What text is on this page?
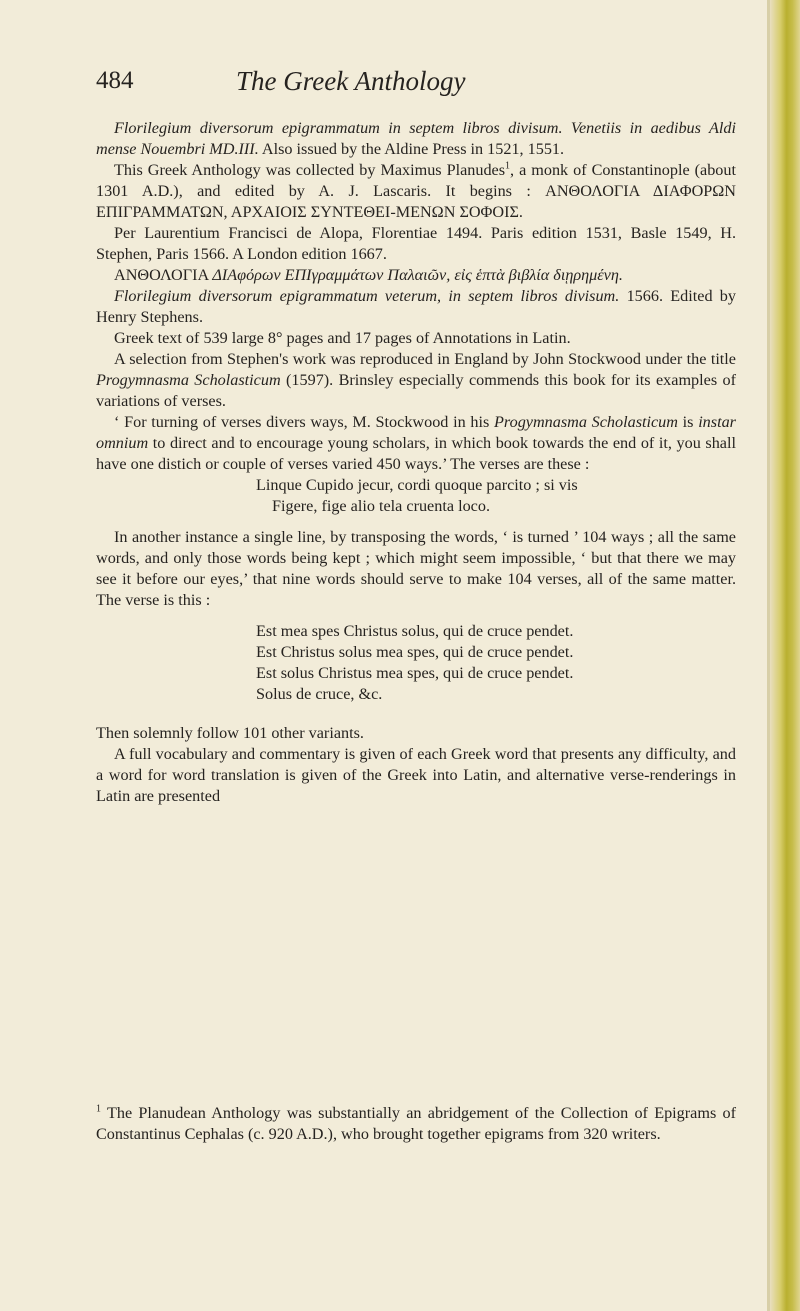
484	The Greek Anthology

Florilegium diversorum epigrammatum in septem libros divisum. Venetiis in aedibus Aldi mense Nouembri MD.III. Also issued by the Aldine Press in 1521, 1551.

This Greek Anthology was collected by Maximus Planudes$^1$, a monk of Constantinople (about 1301 A.D.), and edited by A. J. Lascaris. It begins : ΑΝΘΟΛΟΓΙΑ ΔΙΑΦΟΡΩΝ ΕΠΙΓΡΑΜΜΑΤΩΝ, ΑΡΧΑΙΟΙΣ ΣΥΝΤΕΘΕΙ-ΜΕΝΩΝ ΣΟΦΟΙΣ.

Per Laurentium Francisci de Alopa, Florentiae 1494. Paris edition 1531, Basle 1549, H. Stephen, Paris 1566. A London edition 1667.

ΑΝΘΟΛΟΓΙΑ ΔΙΑφόρων ΕΠΙγραμμάτων Παλαιῶν, εἰς ἑπτὰ βιβλία διῃρημένη.

Florilegium diversorum epigrammatum veterum, in septem libros divisum. 1566. Edited by Henry Stephens.

Greek text of 539 large 8° pages and 17 pages of Annotations in Latin.

A selection from Stephen's work was reproduced in England by John Stockwood under the title Progymnasma Scholasticum (1597). Brinsley especially commends this book for its examples of variations of verses.

‘ For turning of verses divers ways, M. Stockwood in his Progymnasma Scholasticum is instar omnium to direct and to encourage young scholars, in which book towards the end of it, you shall have one distich or couple of verses varied 450 ways.’ The verses are these :

Linque Cupido jecur, cordi quoque parcito ; si vis

Figere, fige alio tela cruenta loco.

In another instance a single line, by transposing the words, ‘ is turned ’ 104 ways ; all the same words, and only those words being kept ; which might seem impossible, ‘ but that there we may see it before our eyes,’ that nine words should serve to make 104 verses, all of the same matter. The verse is this :

Est mea spes Christus solus, qui de cruce pendet.

Est Christus solus mea spes, qui de cruce pendet.

Est solus Christus mea spes, qui de cruce pendet.

Solus de cruce, &c.

Then solemnly follow 101 other variants.

A full vocabulary and commentary is given of each Greek word that presents any difficulty, and a word for word translation is given of the Greek into Latin, and alternative verse-renderings in Latin are presented

$^1$ The Planudean Anthology was substantially an abridgement of the Collection of Epigrams of Constantinus Cephalas (c. 920 A.D.), who brought together epigrams from 320 writers.
